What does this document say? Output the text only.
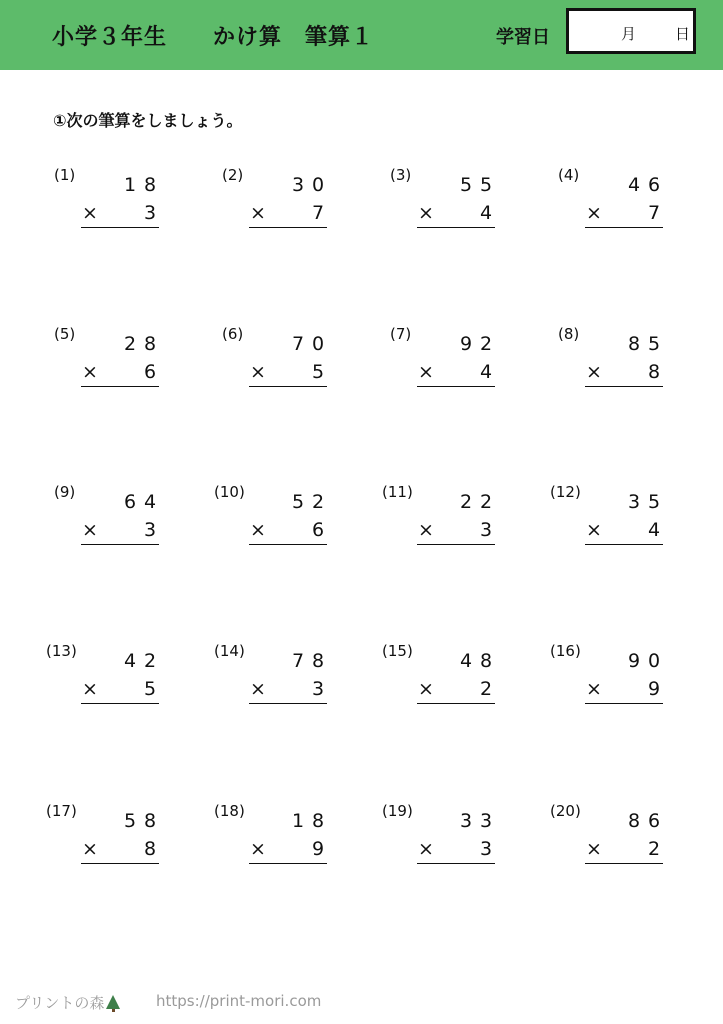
小学３年生　　かけ算　筆算１	学習日	月	日
①次の筆算をしましょう。
(1)	1 8
× 3
(2)	3 0
× 7
(3)	5 5
× 4
(4)	4 6
× 7
(5)	2 8
× 6
(6)	7 0
× 5
(7)	9 2
× 4
(8)	8 5
× 8
(9)	6 4
× 3
(10) 5 2
× 6
(11) 2 2
× 3
(12) 3 5
× 4
(13) 4 2
× 5
(14) 7 8
× 3
(15) 4 8
× 2
(16) 9 0
× 9
(17) 5 8
× 8
(18) 1 8
× 9
(19) 3 3
× 3
(20) 8 6
× 2
プリントの森	https://print-mori.com
